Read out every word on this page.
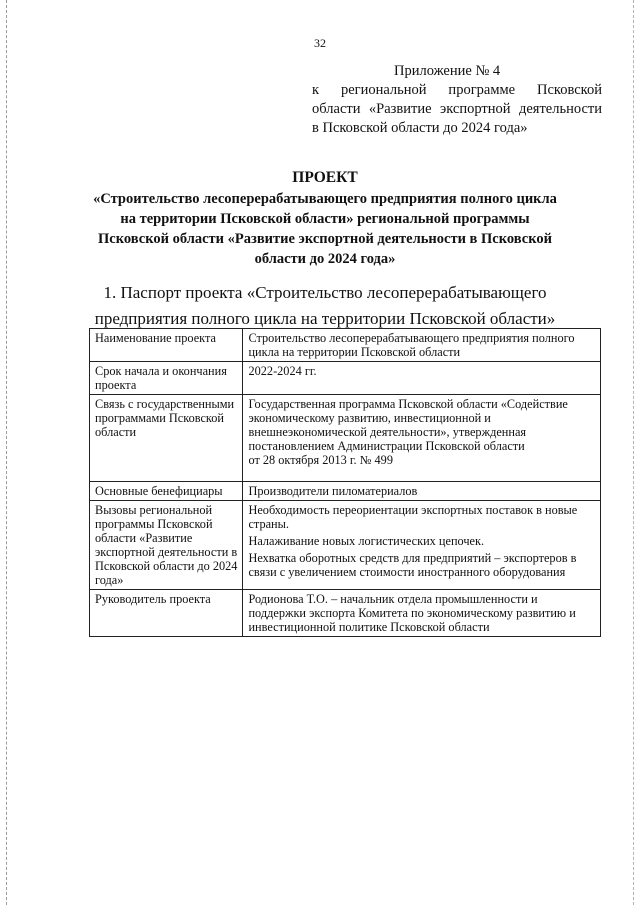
32
Приложение № 4
к региональной программе Псковской
области «Развитие экспортной деятельности
в Псковской области до 2024 года»
ПРОЕКТ
«Строительство лесоперерабатывающего предприятия полного цикла
на территории Псковской области» региональной программы
Псковской области «Развитие экспортной деятельности в Псковской
области до 2024 года»
1. Паспорт проекта «Строительство лесоперерабатывающего
предприятия полного цикла на территории Псковской области»
Наименование проекта	Строительство лесоперерабатывающего предприятия полного цикла на территории Псковской области
Срок начала и окончания проекта	2022-2024 гг.
Связь с государственными программами Псковской области	Государственная программа Псковской области «Содействие
экономическому развитию, инвестиционной и
внешнеэкономической деятельности», утвержденная
постановлением Администрации Псковской области
от 28 октября 2013 г. № 499

Основные бенефициары	Производители пиломатериалов
Вызовы региональной программы Псковской области «Развитие экспортной деятельности в Псковской области до 2024 года»	Необходимость переориентации экспортных поставок в новые страны.
Налаживание новых логистических цепочек.
Нехватка оборотных средств для предприятий – экспортеров в связи с увеличением стоимости иностранного оборудования

Руководитель проекта	Родионова Т.О. – начальник отдела промышленности и поддержки экспорта Комитета по экономическому развитию и инвестиционной политике Псковской области
